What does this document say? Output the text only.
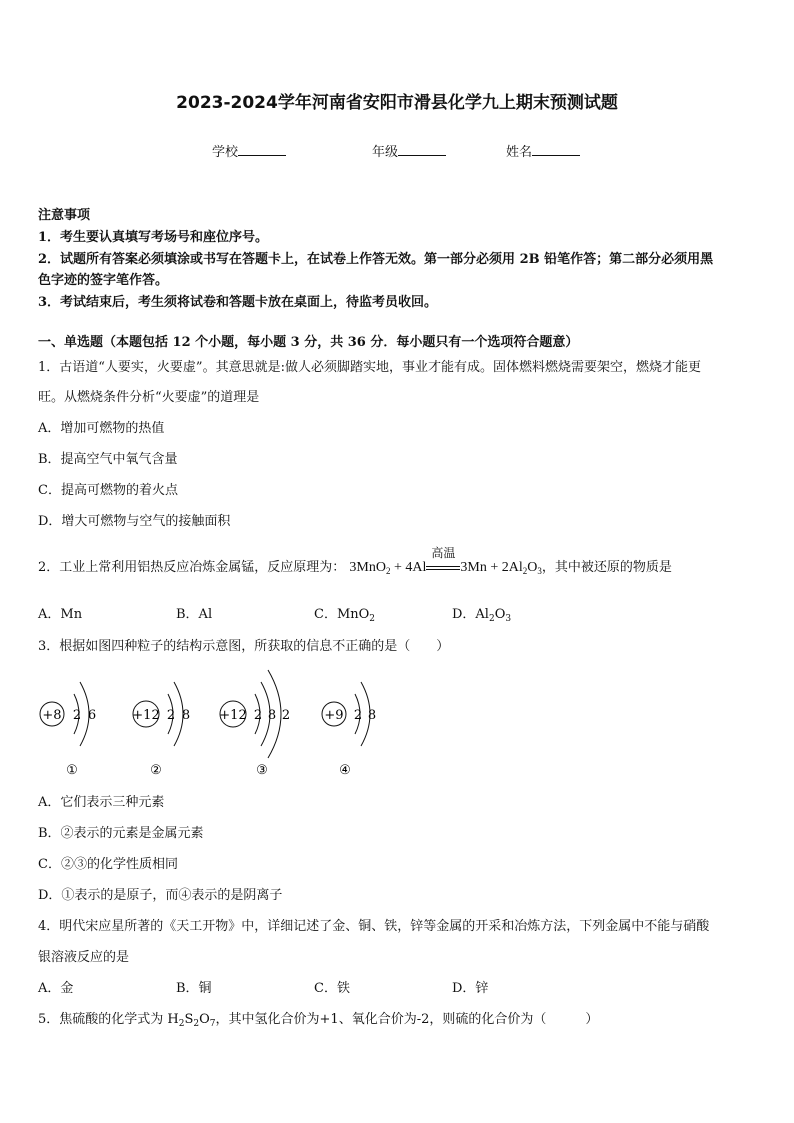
2023-2024学年河南省安阳市滑县化学九上期末预测试题
学校	年级	姓名
注意事项
1．考生要认真填写考场号和座位序号。
2．试题所有答案必须填涂或书写在答题卡上，在试卷上作答无效。第一部分必须用 2B 铅笔作答；第二部分必须用黑
色字迹的签字笔作答。
3．考试结束后，考生须将试卷和答题卡放在桌面上，待监考员收回。
一、单选题（本题包括 12 个小题，每小题 3 分，共 36 分．每小题只有一个选项符合题意）
1．古语道“人要实，火要虚”。其意思就是:做人必须脚踏实地，事业才能有成。固体燃料燃烧需要架空，燃烧才能更
旺。从燃烧条件分析“火要虚”的道理是
A．增加可燃物的热值
B．提高空气中氧气含量
C．提高可燃物的着火点
D．增大可燃物与空气的接触面积
2．工业上常利用铝热反应冶炼金属锰，反应原理为： 3MnO$_2$ + 4Al
高温
$3Mn + 2Al_2O_3$，其中被还原的物质是
A．Mn	B．Al	C．MnO$_2$	D．$Al_2O_3$
3．根据如图四种粒子的结构示意图，所获取的信息不正确的是（　　）
+8 2 6
①
+12 2 8
②
+12 2 8 2
③
+9 2 8
④
A．它们表示三种元素
B．②表示的元素是金属元素
C．②③的化学性质相同
D．①表示的是原子，而④表示的是阴离子
4．明代宋应星所著的《天工开物》中，详细记述了金、铜、铁，锌等金属的开采和冶炼方法，下列金属中不能与硝酸
银溶液反应的是
A．金	B．铜	C．铁	D．锌
5．焦硫酸的化学式为 $H_2S_2O_7$，其中氢化合价为+1、氧化合价为-2，则硫的化合价为（　　　）
